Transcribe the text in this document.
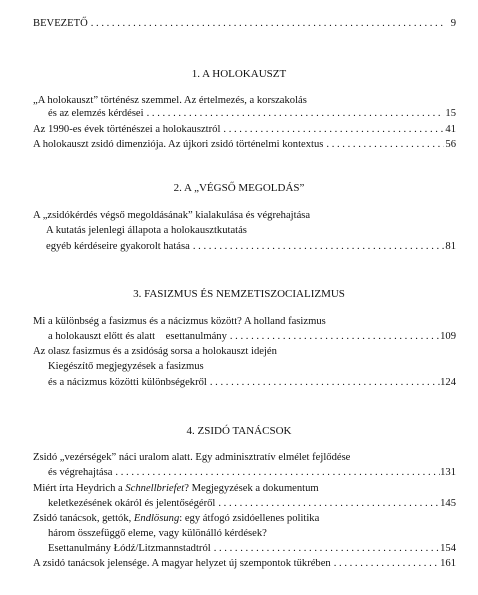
BEVEZETŐ . . .	9
1. A HOLOKAUSZT
„A holokauszt” történész szemmel. Az értelmezés, a korszakolás
és az elemzés kérdései . . .	15
Az 1990-es évek történészei a holokausztról . . .	41
A holokauszt zsidó dimenziója. Az újkori zsidó történelmi kontextus . . .	56
2. A „VÉGSŐ MEGOLDÁS”
A „zsidókérdés végső megoldásának” kialakulása és végrehajtása
A kutatás jelenlegi állapota a holokausztkutatás
egyéb kérdéseire gyakorolt hatása . . .	81
3. FASIZMUS ÉS NEMZETISZOCIALIZMUS
Mi a különbség a fasizmus és a nácizmus között? A holland fasizmus
a holokauszt előtt és alatt    esettanulmány . . .	109
Az olasz fasizmus és a zsidóság sorsa a holokauszt idején
Kiegészítő megjegyzések a fasizmus
és a nácizmus közötti különbségekről . . .	124
4. ZSIDÓ TANÁCSOK
Zsidó „vezérségek” náci uralom alatt. Egy adminisztratív elmélet fejlődése
és végrehajtása . . .	131
Miért írta Heydrich a Schnellbriefet? Megjegyzések a dokumentum
keletkezésének okáról és jelentőségéről . . .	145
Zsidó tanácsok, gettók, Endlösung: egy átfogó zsidóellenes politika
három összefüggő eleme, vagy különálló kérdések?
Esettanulmány Łódź/Litzmannstadtról . . .	154
A zsidó tanácsok jelensége. A magyar helyzet új szempontok tükrében . . .	161
